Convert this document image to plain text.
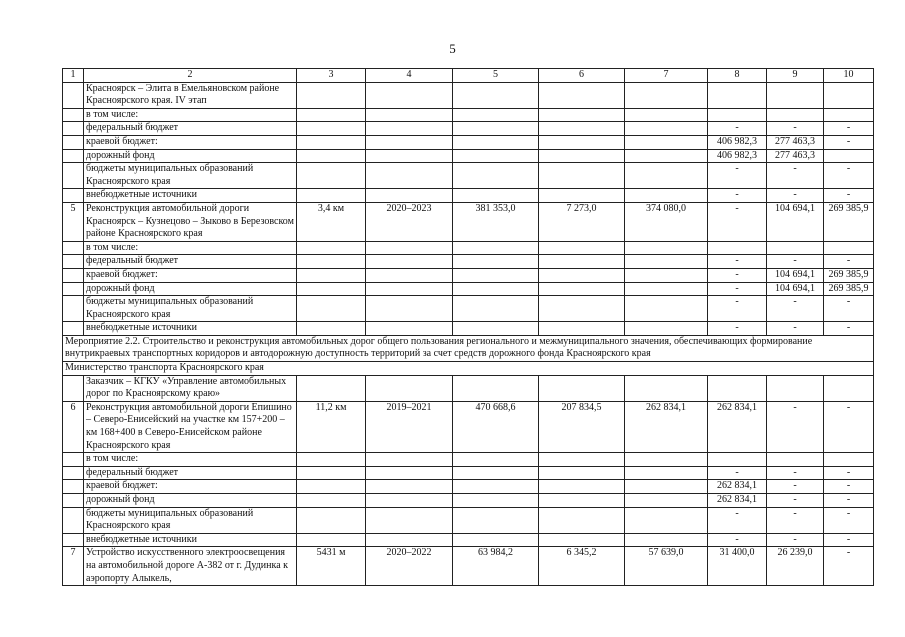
5
1	2	3	4	5	6	7	8	9	10
	Красноярск – Элита в Емельяновском районе Красноярского края. IV этап								
	в том числе:								
	федеральный бюджет						-	-	-
	краевой бюджет:						406 982,3	277 463,3	-
	дорожный фонд						406 982,3	277 463,3	
	бюджеты муниципальных образований Красноярского края						-	-	-
	внебюджетные источники						-	-	-
5	Реконструкция автомобильной дороги Красноярск – Кузнецово – Зыково в Березовском районе Красноярского края	3,4 км	2020–2023	381 353,0	7 273,0	374 080,0	-	104 694,1	269 385,9
	в том числе:								
	федеральный бюджет						-	-	-
	краевой бюджет:						-	104 694,1	269 385,9
	дорожный фонд						-	104 694,1	269 385,9
	бюджеты муниципальных образований Красноярского края						-	-	-
	внебюджетные источники						-	-	-
Мероприятие 2.2. Строительство и реконструкция автомобильных дорог общего пользования регионального и межмуниципального значения, обеспечивающих формирование внутрикраевых транспортных коридоров и автодорожную доступность территорий за счет средств дорожного фонда Красноярского края									
Министерство транспорта Красноярского края									
	Заказчик – КГКУ «Управление автомобильных дорог по Красноярскому краю»								
6	Реконструкция автомобильной дороги Епишино – Северо-Енисейский на участке км 157+200 – км 168+400 в Северо-Енисейском районе Красноярского края	11,2 км	2019–2021	470 668,6	207 834,5	262 834,1	262 834,1	-	-
	в том числе:								
	федеральный бюджет						-	-	-
	краевой бюджет:						262 834,1	-	-
	дорожный фонд						262 834,1	-	-
	бюджеты муниципальных образований Красноярского края						-	-	-
	внебюджетные источники						-	-	-
7	Устройство искусственного электроосвещения на автомобильной дороге А-382 от г. Дудинка к аэропорту Алыкель,	5431 м	2020–2022	63 984,2	6 345,2	57 639,0	31 400,0	26 239,0	-
